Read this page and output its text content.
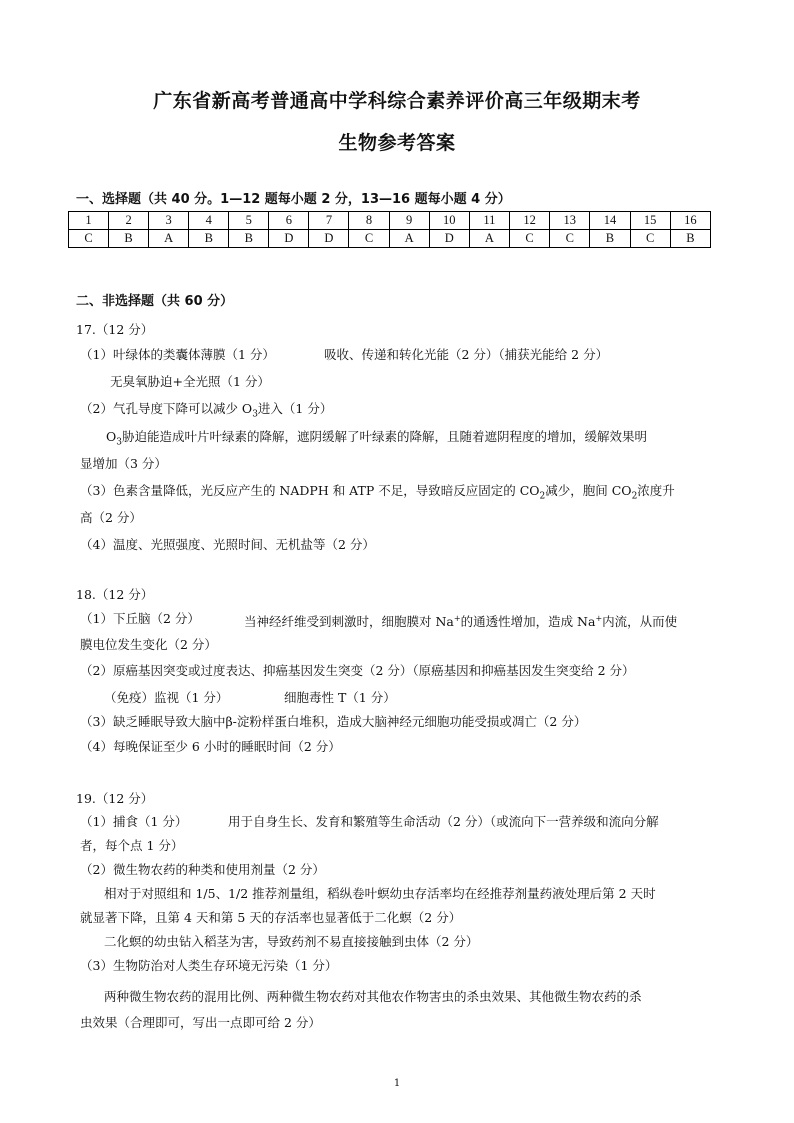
广东省新高考普通高中学科综合素养评价高三年级期末考
生物参考答案
一、选择题（共 40 分。1—12 题每小题 2 分，13—16 题每小题 4 分）
1	2	3	4	5	6	7	8	9	10	11	12	13	14	15	16
C	B	A	B	B	D	D	C	A	D	A	C	C	B	C	B
二、非选择题（共 60 分）
17.（12 分）
（1）叶绿体的类囊体薄膜（1 分）	吸收、传递和转化光能（2 分）（捕获光能给 2 分）
无臭氧胁迫+全光照（1 分）
（2）气孔导度下降可以减少 $O_3$进入（1 分）
$O_3$胁迫能造成叶片叶绿素的降解，遮阴缓解了叶绿素的降解，且随着遮阴程度的增加，缓解效果明
显增加（3 分）
（3）色素含量降低，光反应产生的 NADPH 和 ATP 不足，导致暗反应固定的 $CO_2$减少，胞间 $CO_2$浓度升
高（2 分）
（4）温度、光照强度、光照时间、无机盐等（2 分）
18.（12 分）
（1）下丘脑（2 分）	当神经纤维受到刺激时，细胞膜对 Na+的通透性增加，造成 Na+内流，从而使
膜电位发生变化（2 分）
（2）原癌基因突变或过度表达、抑癌基因发生突变（2 分）（原癌基因和抑癌基因发生突变给 2 分）
（免疫）监视（1 分）	细胞毒性 T（1 分）
（3）缺乏睡眠导致大脑中β-淀粉样蛋白堆积，造成大脑神经元细胞功能受损或凋亡（2 分）
（4）每晚保证至少 6 小时的睡眠时间（2 分）
19.（12 分）
（1）捕食（1 分）	用于自身生长、发育和繁殖等生命活动（2 分）（或流向下一营养级和流向分解
者，每个点 1 分）
（2）微生物农药的种类和使用剂量（2 分）
相对于对照组和 1/5、1/2 推荐剂量组，稻纵卷叶螟幼虫存活率均在经推荐剂量药液处理后第 2 天时
就显著下降，且第 4 天和第 5 天的存活率也显著低于二化螟（2 分）
二化螟的幼虫钻入稻茎为害，导致药剂不易直接接触到虫体（2 分）
（3）生物防治对人类生存环境无污染（1 分）
两种微生物农药的混用比例、两种微生物农药对其他农作物害虫的杀虫效果、其他微生物农药的杀
虫效果（合理即可，写出一点即可给 2 分）
1
